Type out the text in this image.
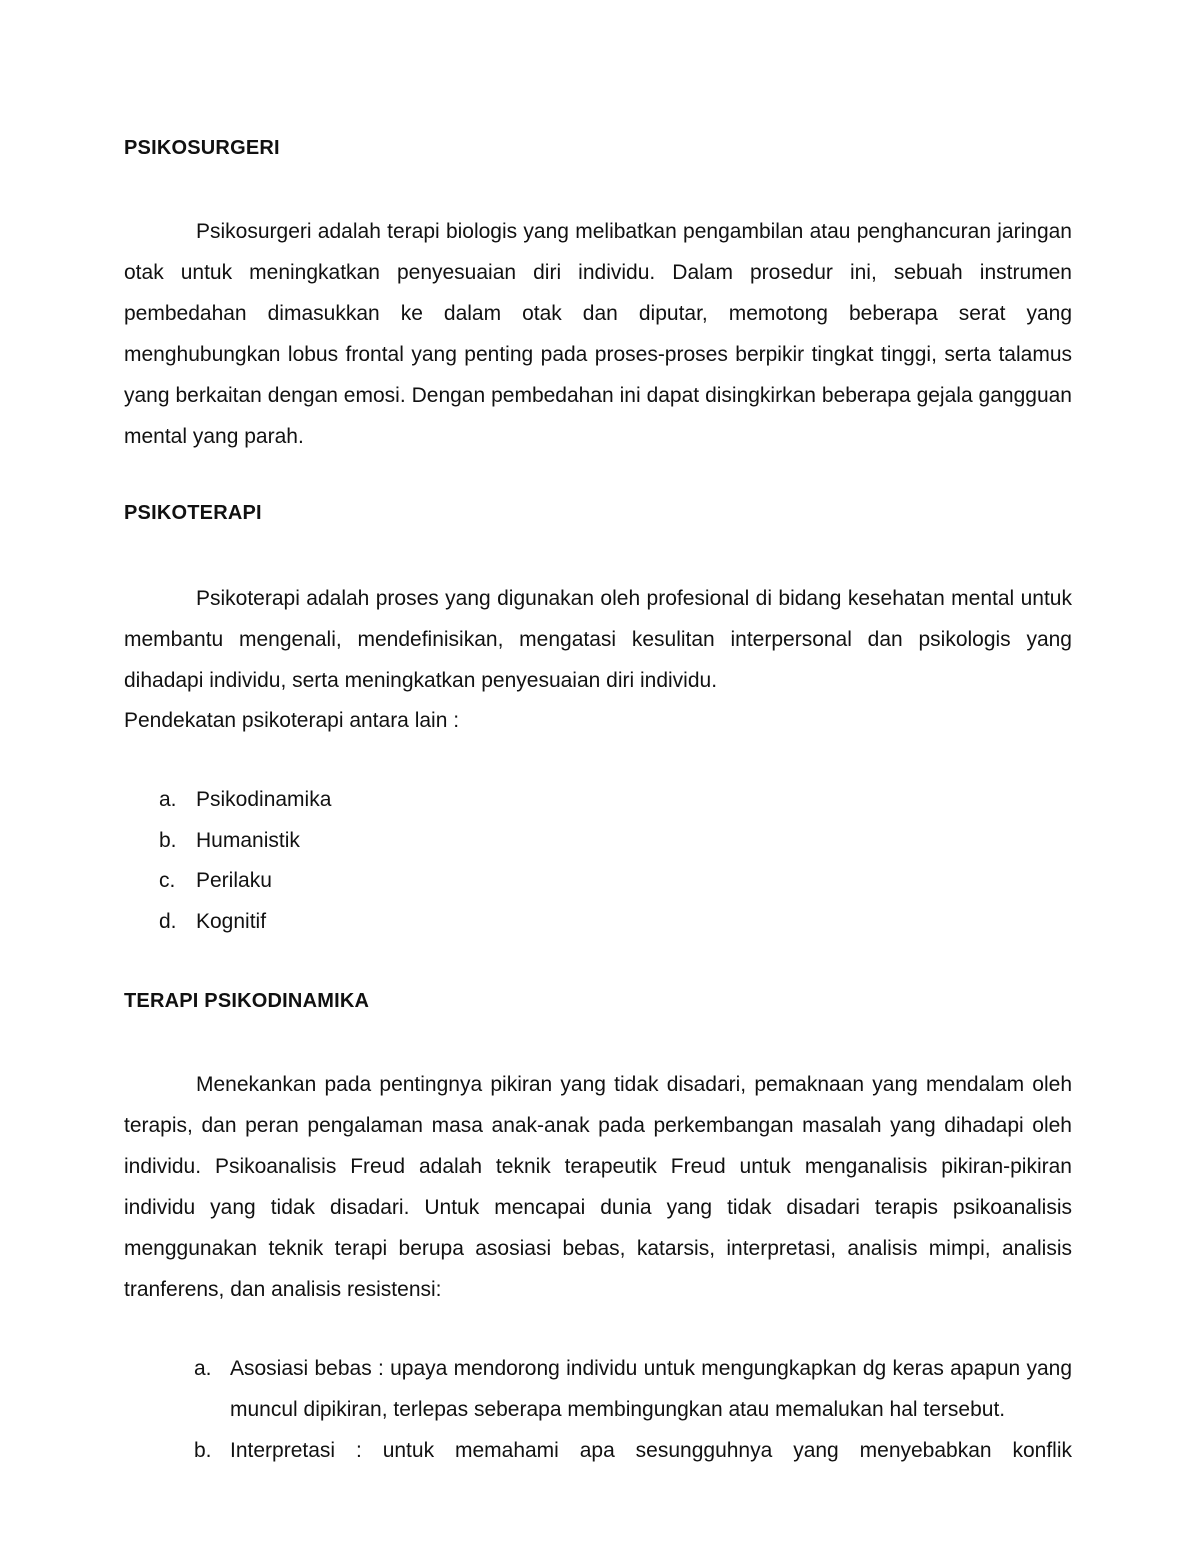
PSIKOSURGERI

Psikosurgeri adalah terapi biologis yang melibatkan pengambilan atau penghancuran jaringan otak untuk meningkatkan penyesuaian diri individu. Dalam prosedur ini, sebuah instrumen pembedahan dimasukkan ke dalam otak dan diputar, memotong beberapa serat yang menghubungkan lobus frontal yang penting pada proses-proses berpikir tingkat tinggi, serta talamus yang berkaitan dengan emosi. Dengan pembedahan ini dapat disingkirkan beberapa gejala gangguan mental yang parah.

PSIKOTERAPI

Psikoterapi adalah proses yang digunakan oleh profesional di bidang kesehatan mental untuk membantu mengenali, mendefinisikan, mengatasi kesulitan interpersonal dan psikologis yang dihadapi individu, serta meningkatkan penyesuaian diri individu.

Pendekatan psikoterapi antara lain :

a. Psikodinamika
b. Humanistik
c. Perilaku
d. Kognitif
TERAPI PSIKODINAMIKA

Menekankan pada pentingnya pikiran yang tidak disadari, pemaknaan yang mendalam oleh terapis, dan peran pengalaman masa anak-anak pada perkembangan masalah yang dihadapi oleh individu. Psikoanalisis Freud adalah teknik terapeutik Freud untuk menganalisis pikiran-pikiran individu yang tidak disadari. Untuk mencapai dunia yang tidak disadari terapis psikoanalisis menggunakan teknik terapi berupa asosiasi bebas, katarsis, interpretasi, analisis mimpi, analisis tranferens, dan analisis resistensi:

a. Asosiasi bebas : upaya mendorong individu untuk mengungkapkan dg keras apapun yang muncul dipikiran, terlepas seberapa membingungkan atau memalukan hal tersebut.
b. Interpretasi : untuk memahami apa sesungguhnya yang menyebabkan konflik
